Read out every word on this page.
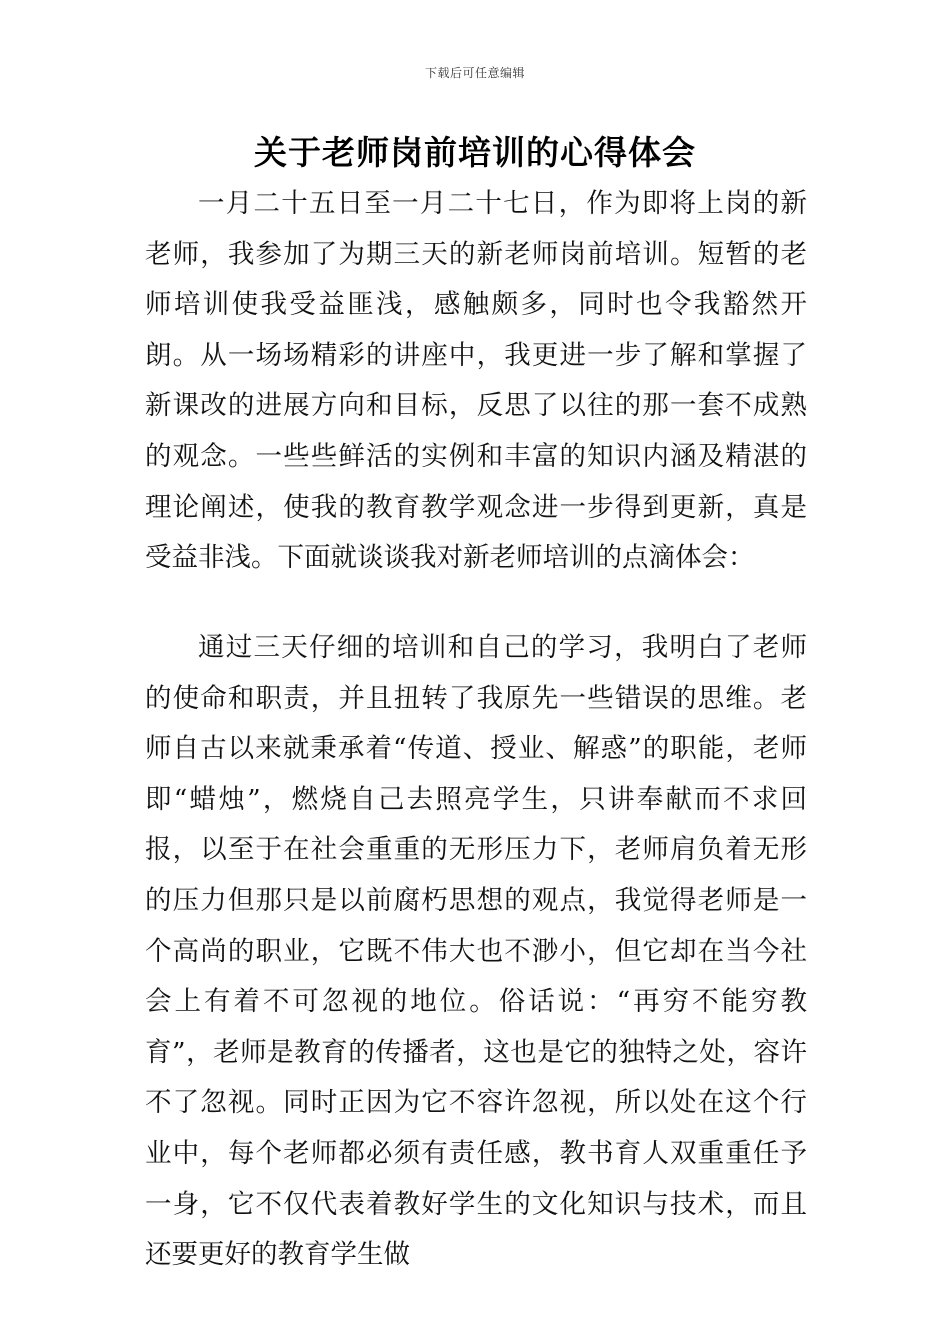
下载后可任意编辑
关于老师岗前培训的心得体会

一月二十五日至一月二十七日，作为即将上岗的新老师，我参加了为期三天的新老师岗前培训。短暂的老师培训使我受益匪浅，感触颇多，同时也令我豁然开朗。从一场场精彩的讲座中，我更进一步了解和掌握了新课改的进展方向和目标，反思了以往的那一套不成熟的观念。一些些鲜活的实例和丰富的知识内涵及精湛的理论阐述，使我的教育教学观念进一步得到更新，真是受益非浅。下面就谈谈我对新老师培训的点滴体会：

通过三天仔细的培训和自己的学习，我明白了老师的使命和职责，并且扭转了我原先一些错误的思维。老师自古以来就秉承着“传道、授业、解惑”的职能，老师即“蜡烛”，燃烧自己去照亮学生，只讲奉献而不求回报，以至于在社会重重的无形压力下，老师肩负着无形的压力但那只是以前腐朽思想的观点，我觉得老师是一个高尚的职业，它既不伟大也不渺小，但它却在当今社会上有着不可忽视的地位。俗话说：“再穷不能穷教育”，老师是教育的传播者，这也是它的独特之处，容许不了忽视。同时正因为它不容许忽视，所以处在这个行业中，每个老师都必须有责任感，教书育人双重重任予一身，它不仅代表着教好学生的文化知识与技术，而且还要更好的教育学生做
